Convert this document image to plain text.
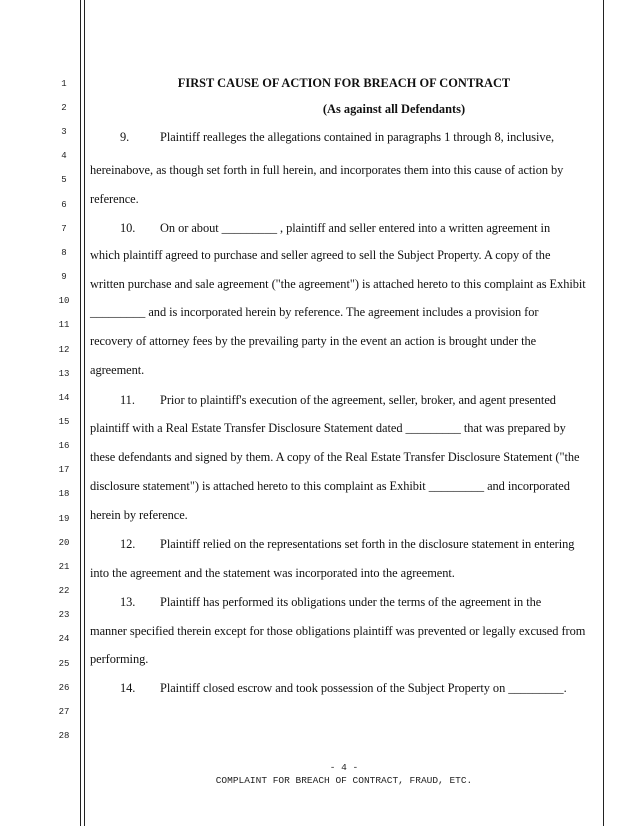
1
2
3
4
5
6
7
8
9
10
11
12
13
14
15
16
17
18
19
20
21
22
23
24
25
26
27
28
FIRST CAUSE OF ACTION FOR BREACH OF CONTRACT
(As against all Defendants)
9. Plaintiff realleges the allegations contained in paragraphs 1 through 8, inclusive,
hereinabove, as though set forth in full herein, and incorporates them into this cause of action by
reference.
10. On or about _________ , plaintiff and seller entered into a written agreement in
which plaintiff agreed to purchase and seller agreed to sell the Subject Property. A copy of the
written purchase and sale agreement ("the agreement") is attached hereto to this complaint as Exhibit
_________ and is incorporated herein by reference. The agreement includes a provision for
recovery of attorney fees by the prevailing party in the event an action is brought under the
agreement.
11. Prior to plaintiff's execution of the agreement, seller, broker, and agent presented
plaintiff with a Real Estate Transfer Disclosure Statement dated _________ that was prepared by
these defendants and signed by them. A copy of the Real Estate Transfer Disclosure Statement ("the
disclosure statement") is attached hereto to this complaint as Exhibit _________ and incorporated
herein by reference.
12. Plaintiff relied on the representations set forth in the disclosure statement in entering
into the agreement and the statement was incorporated into the agreement.
13. Plaintiff has performed its obligations under the terms of the agreement in the
manner specified therein except for those obligations plaintiff was prevented or legally excused from
performing.
14. Plaintiff closed escrow and took possession of the Subject Property on _________.
- 4 -
COMPLAINT FOR BREACH OF CONTRACT, FRAUD, ETC.
